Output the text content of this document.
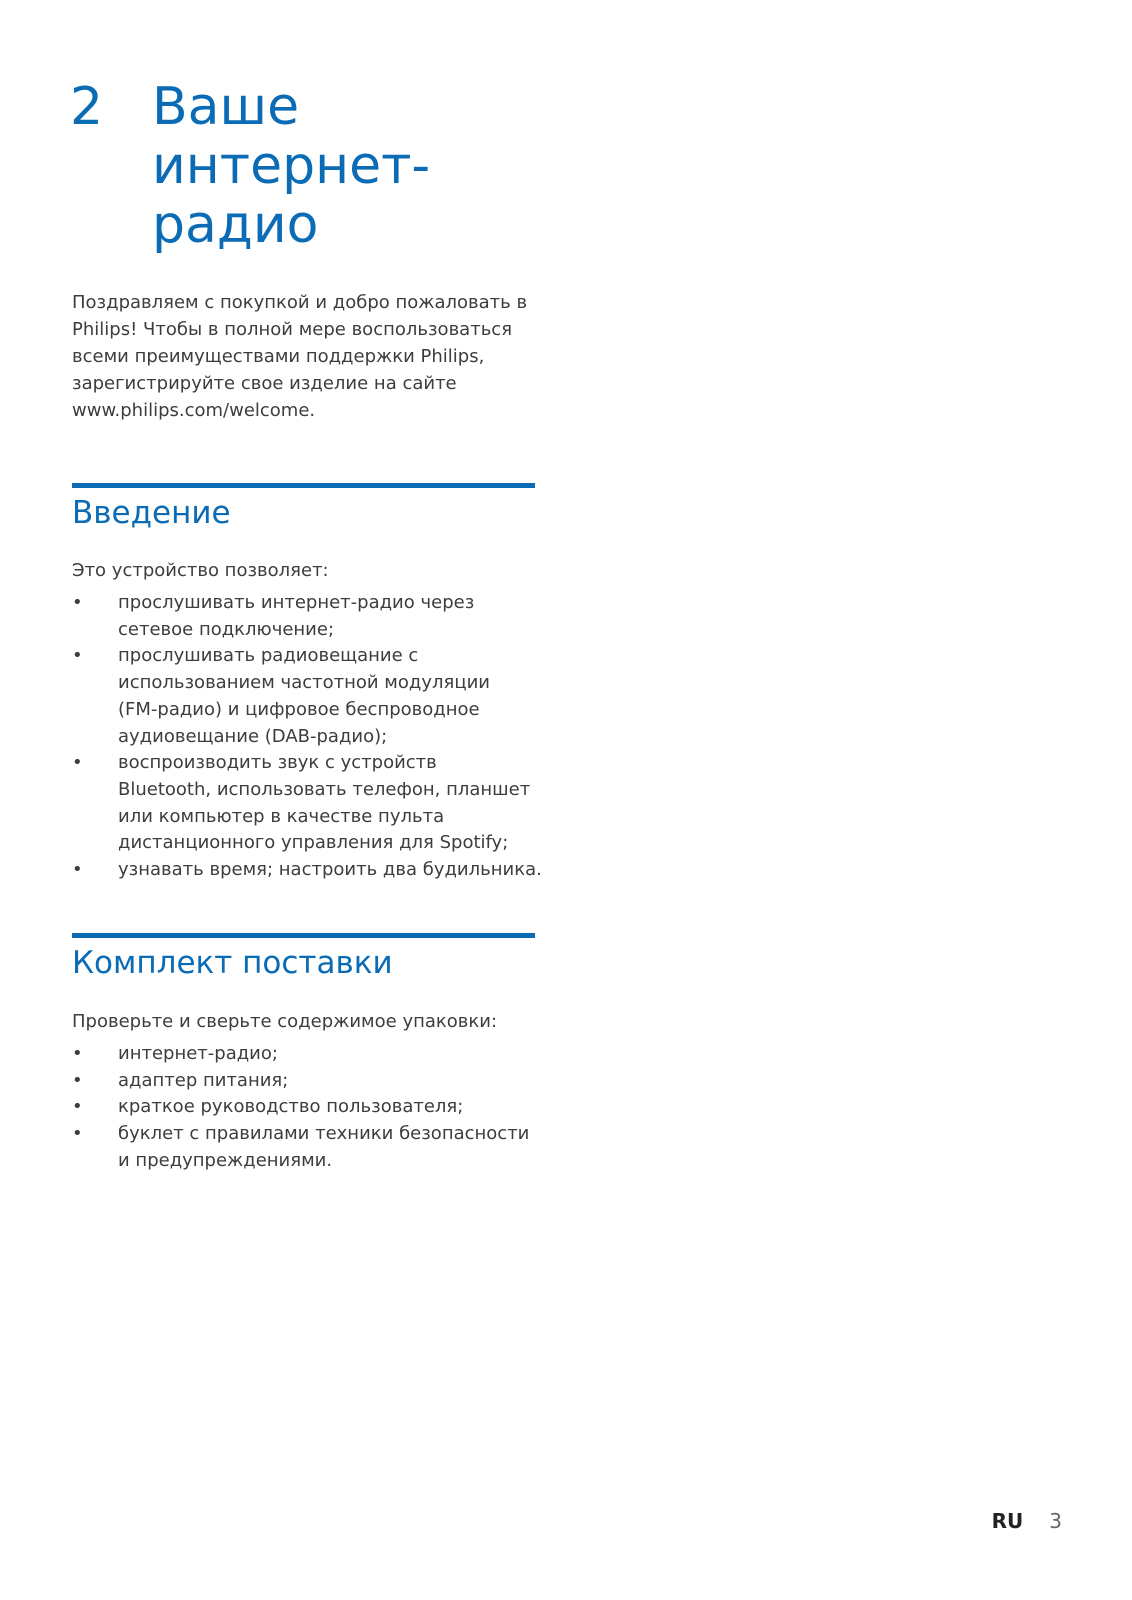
2 Ваше
интернет-
радио
Поздравляем с покупкой и добро пожаловать в
Philips! Чтобы в полной мере воспользоваться
всеми преимуществами поддержки Philips,
зарегистрируйте свое изделие на сайте
www.philips.com/welcome.
Введение
Это устройство позволяет:
• прослушивать интернет-радио через
сетевое подключение;
• прослушивать радиовещание с
использованием частотной модуляции
(FM-радио) и цифровое беспроводное
аудиовещание (DAB-радио);
• воспроизводить звук с устройств
Bluetooth, использовать телефон, планшет
или компьютер в качестве пульта
дистанционного управления для Spotify;
• узнавать время; настроить два будильника.
Комплект поставки
Проверьте и сверьте содержимое упаковки:
• интернет-радио;
• адаптер питания;
• краткое руководство пользователя;
• буклет с правилами техники безопасности
и предупреждениями.
RU 3
